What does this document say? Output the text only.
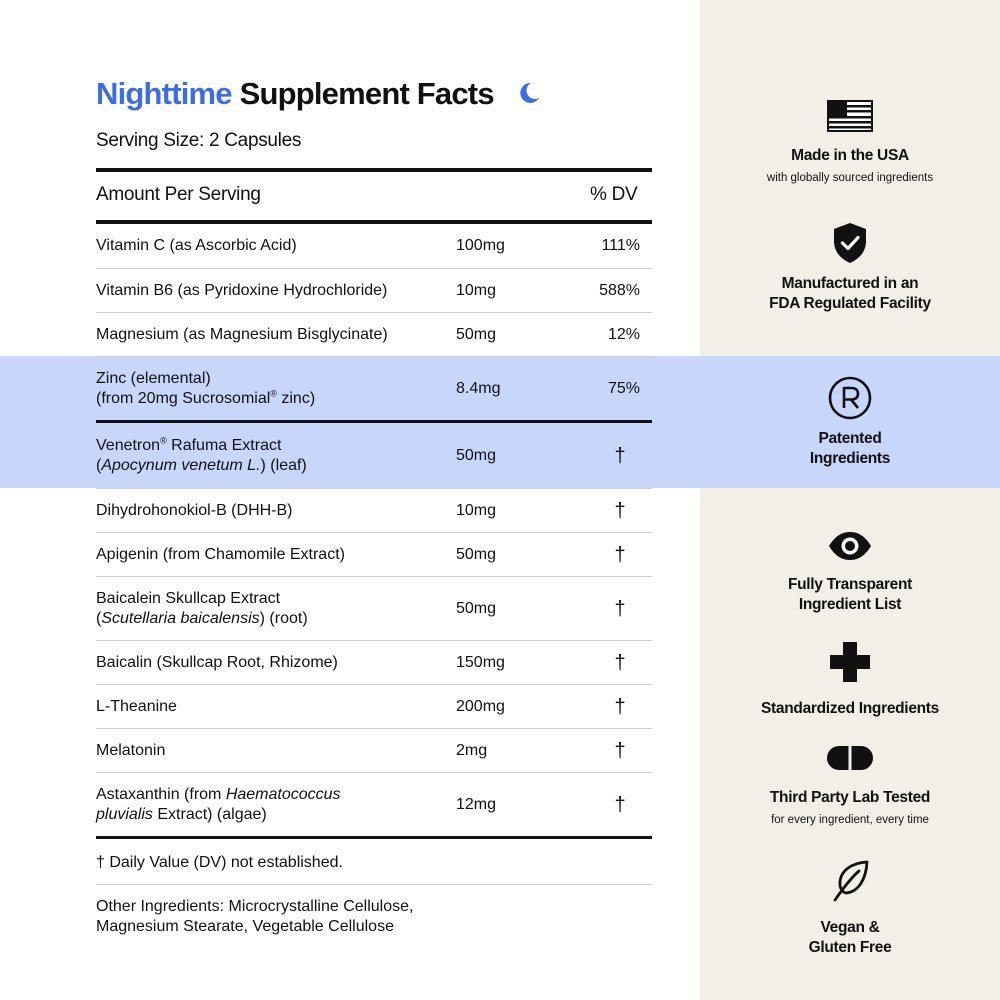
Nighttime Supplement Facts
Serving Size: 2 Capsules
Amount Per Serving	% DV
Vitamin C (as Ascorbic Acid)	100mg	111%
Vitamin B6 (as Pyridoxine Hydrochloride)	10mg	588%
Magnesium (as Magnesium Bisglycinate)	50mg	12%
Zinc (elemental)
(from 20mg Sucrosomial® zinc)
8.4mg	75%
Venetron® Rafuma Extract
(Apocynum venetum L.) (leaf)
50mg	†
Dihydrohonokiol-B (DHH-B)	10mg	†
Apigenin (from Chamomile Extract)	50mg	†
Baicalein Skullcap Extract
(Scutellaria baicalensis) (root)
50mg	†
Baicalin (Skullcap Root, Rhizome)	150mg	†
L-Theanine	200mg	†
Melatonin	2mg	†
Astaxanthin (from Haematococcus
pluvialis Extract) (algae)
12mg	†
† Daily Value (DV) not established.
Other Ingredients: Microcrystalline Cellulose,
Magnesium Stearate, Vegetable Cellulose
Made in the USA
with globally sourced ingredients
Manufactured in an
FDA Regulated Facility
Patented
Ingredients
Fully Transparent
Ingredient List
Standardized Ingredients
Third Party Lab Tested
for every ingredient, every time
Vegan &
Gluten Free
